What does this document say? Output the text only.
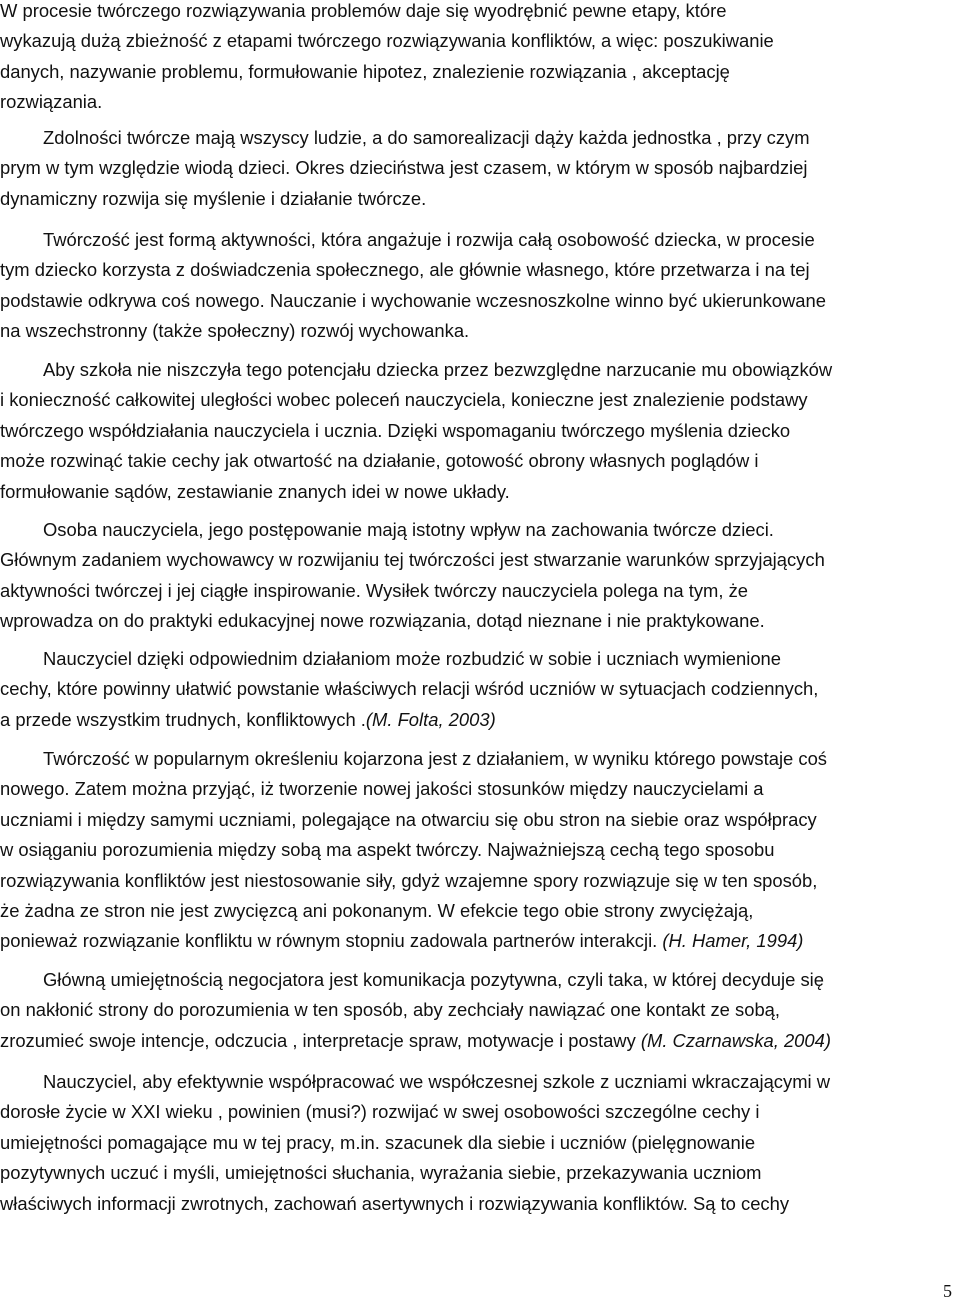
W procesie twórczego rozwiązywania problemów daje się wyodrębnić pewne etapy, które
wykazują dużą zbieżność z etapami twórczego rozwiązywania konfliktów, a więc: poszukiwanie
danych, nazywanie problemu, formułowanie hipotez, znalezienie rozwiązania , akceptację
rozwiązania.

Zdolności twórcze mają wszyscy ludzie, a do samorealizacji dąży każda jednostka , przy czym
prym w tym względzie wiodą dzieci. Okres dzieciństwa jest czasem, w którym w sposób najbardziej
dynamiczny rozwija się myślenie i działanie twórcze.

Twórczość jest formą aktywności, która angażuje i rozwija całą osobowość dziecka, w procesie
tym dziecko korzysta z doświadczenia społecznego, ale głównie własnego, które przetwarza i na tej
podstawie odkrywa coś nowego. Nauczanie i wychowanie wczesnoszkolne winno być ukierunkowane
na wszechstronny (także społeczny) rozwój wychowanka.

Aby szkoła nie niszczyła tego potencjału dziecka przez bezwzględne narzucanie mu obowiązków
i konieczność całkowitej uległości wobec poleceń nauczyciela, konieczne jest znalezienie podstawy
twórczego współdziałania nauczyciela i ucznia. Dzięki wspomaganiu twórczego myślenia dziecko
może rozwinąć takie cechy jak otwartość na działanie, gotowość obrony własnych poglądów i
formułowanie sądów, zestawianie znanych idei w nowe układy.

Osoba nauczyciela, jego postępowanie mają istotny wpływ na zachowania twórcze dzieci.
Głównym zadaniem wychowawcy w rozwijaniu tej twórczości jest stwarzanie warunków sprzyjających
aktywności twórczej i jej ciągłe inspirowanie. Wysiłek twórczy nauczyciela polega na tym, że
wprowadza on do praktyki edukacyjnej nowe rozwiązania, dotąd nieznane i nie praktykowane.

Nauczyciel dzięki odpowiednim działaniom może rozbudzić w sobie i uczniach wymienione
cechy, które powinny ułatwić powstanie właściwych relacji wśród uczniów w sytuacjach codziennych,
a przede wszystkim trudnych, konfliktowych .(M. Folta, 2003)

Twórczość w popularnym określeniu kojarzona jest z działaniem, w wyniku którego powstaje coś
nowego. Zatem można przyjąć, iż tworzenie nowej jakości stosunków między nauczycielami a
uczniami i między samymi uczniami, polegające na otwarciu się obu stron na siebie oraz współpracy
w osiąganiu porozumienia między sobą ma aspekt twórczy. Najważniejszą cechą tego sposobu
rozwiązywania konfliktów jest niestosowanie siły, gdyż wzajemne spory rozwiązuje się w ten sposób,
że żadna ze stron nie jest zwycięzcą ani pokonanym. W efekcie tego obie strony zwyciężają,
ponieważ rozwiązanie konfliktu w równym stopniu zadowala partnerów interakcji. (H. Hamer, 1994)

Główną umiejętnością negocjatora jest komunikacja pozytywna, czyli taka, w której decyduje się
on nakłonić strony do porozumienia w ten sposób, aby zechciały nawiązać one kontakt ze sobą,
zrozumieć swoje intencje, odczucia , interpretacje spraw, motywacje i postawy (M. Czarnawska, 2004)

Nauczyciel, aby efektywnie współpracować we współczesnej szkole z uczniami wkraczającymi w
dorosłe życie w XXI wieku , powinien (musi?) rozwijać w swej osobowości szczególne cechy i
umiejętności pomagające mu w tej pracy, m.in. szacunek dla siebie i uczniów (pielęgnowanie
pozytywnych uczuć i myśli, umiejętności słuchania, wyrażania siebie, przekazywania uczniom
właściwych informacji zwrotnych, zachowań asertywnych i rozwiązywania konfliktów. Są to cechy

5
